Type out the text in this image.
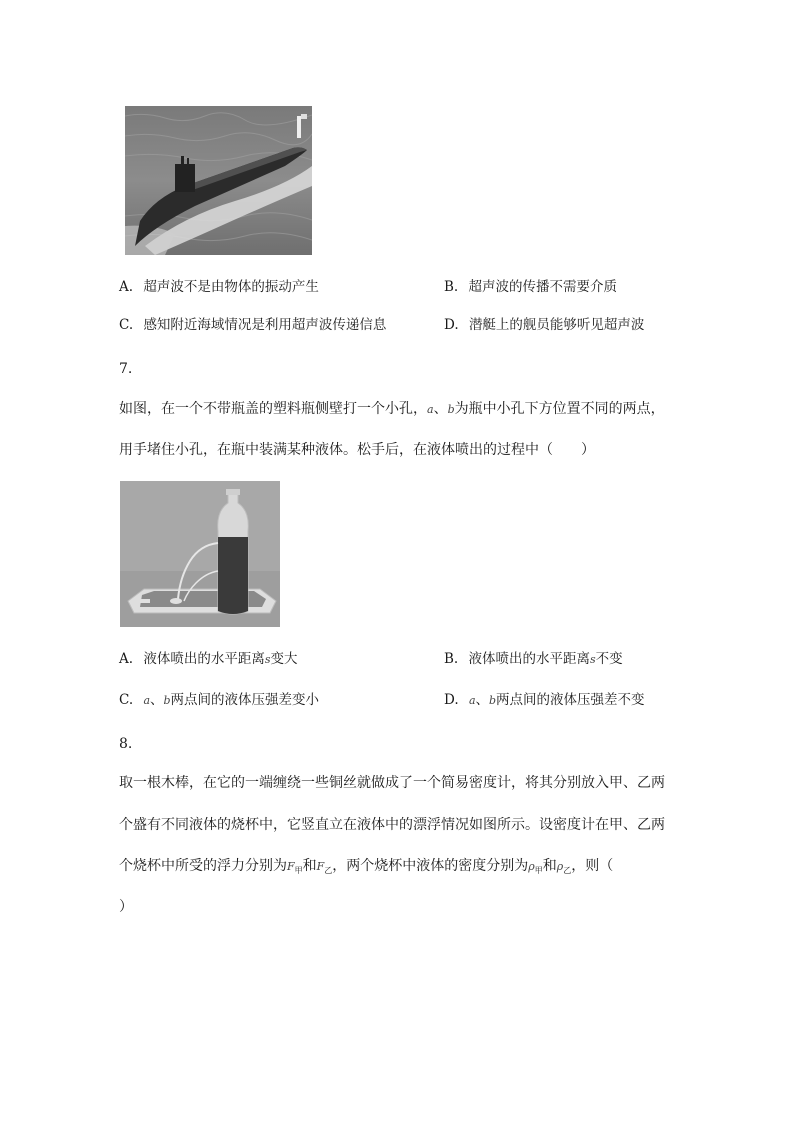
A. 超声波不是由物体的振动产生	B. 超声波的传播不需要介质
C. 感知附近海域情况是利用超声波传递信息	D. 潜艇上的舰员能够听见超声波
7.
如图，在一个不带瓶盖的塑料瓶侧壁打一个小孔，a、b为瓶中小孔下方位置不同的两点，
用手堵住小孔，在瓶中装满某种液体。松手后，在液体喷出的过程中（　　）
A. 液体喷出的水平距离s变大	B. 液体喷出的水平距离s不变
C. a、b两点间的液体压强差变小	D. a、b两点间的液体压强差不变
8.
取一根木棒，在它的一端缠绕一些铜丝就做成了一个简易密度计，将其分别放入甲、乙两
个盛有不同液体的烧杯中，它竖直立在液体中的漂浮情况如图所示。设密度计在甲、乙两
个烧杯中所受的浮力分别为$F_甲$和$F_乙$，两个烧杯中液体的密度分别为$\rho_甲$和$\rho_乙$，则（
）
